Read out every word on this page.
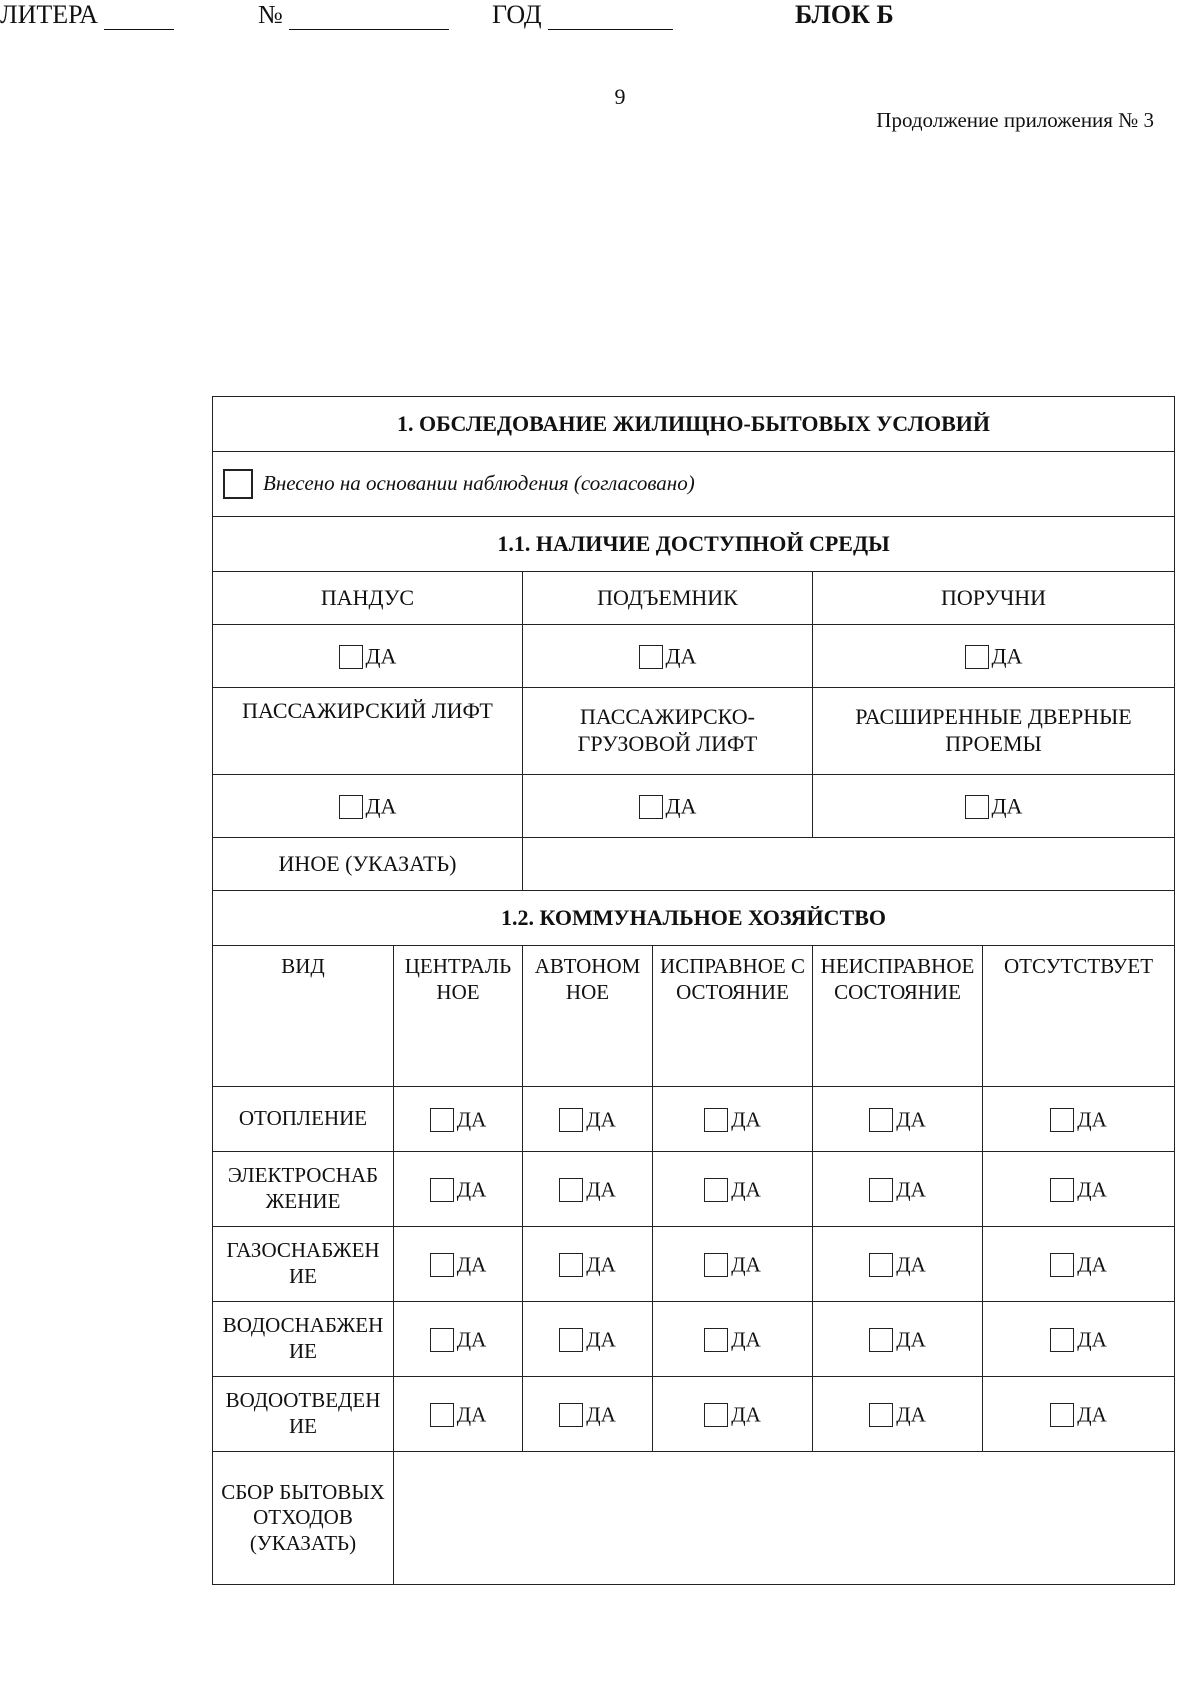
9
Продолжение приложения № 3
ЛИТЕРА	№	ГОД	БЛОК Б
1. ОБСЛЕДОВАНИЕ ЖИЛИЩНО-БЫТОВЫХ УСЛОВИЙ					
Внесено на основании наблюдения (согласовано)					
1.1. НАЛИЧИЕ ДОСТУПНОЙ СРЕДЫ					
ПАНДУС		ПОДЪЕМНИК		ПОРУЧНИ	
ДА		ДА		ДА	
ПАССАЖИРСКИЙ ЛИФТ		ПАССАЖИРСКО-ГРУЗОВОЙ ЛИФТ		РАСШИРЕННЫЕ ДВЕРНЫЕ ПРОЕМЫ	
ДА		ДА		ДА	
ИНОЕ (УКАЗАТЬ)					
1.2. КОММУНАЛЬНОЕ ХОЗЯЙСТВО					
ВИД	ЦЕНТРАЛЬНОЕ	АВТОНОМНОЕ	ИСПРАВНОЕ СОСТОЯНИЕ	НЕИСПРАВНОЕ СОСТОЯНИЕ	ОТСУТСТВУЕТ
ОТОПЛЕНИЕ	ДА	ДА	ДА	ДА	ДА
ЭЛЕКТРОСНАБЖЕНИЕ	ДА	ДА	ДА	ДА	ДА
ГАЗОСНАБЖЕНИЕ	ДА	ДА	ДА	ДА	ДА
ВОДОСНАБЖЕНИЕ	ДА	ДА	ДА	ДА	ДА
ВОДООТВЕДЕНИЕ	ДА	ДА	ДА	ДА	ДА
СБОР БЫТОВЫХ ОТХОДОВ (УКАЗАТЬ)					
